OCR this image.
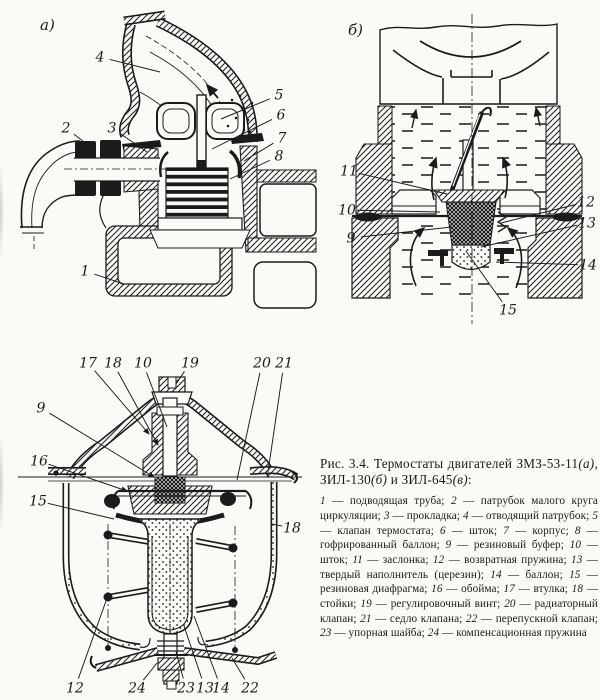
а)
4
2	3
5
6
7
8
1
б)
11
10
9
12
13
14
15
17 18 10 19	20 21
9
16
15
18
12	24 23 13
14 22

Рис. 3.4. Термостаты двигателей ЗМЗ-53-11(а), ЗИЛ-130(б) и ЗИЛ-645(в):

1 — подводящая труба; 2 — патрубок малого круга циркуляции; 3 — прокладка; 4 — отводящий патрубок; 5 — клапан термостата; 6 — шток; 7 — корпус; 8 — гофрированный баллон; 9 — резиновый буфер; 10 — шток; 11 — заслонка; 12 — возвратная пружина; 13 — твердый наполнитель (церезин); 14 — баллон; 15 — резиновая диафрагма; 16 — обойма; 17 — втулка; 18 — стойки; 19 — регулировочный винт; 20 — радиаторный клапан; 21 — седло клапана; 22 — перепускной клапан; 23 — упорная шайба; 24 — компенсационная пружина
